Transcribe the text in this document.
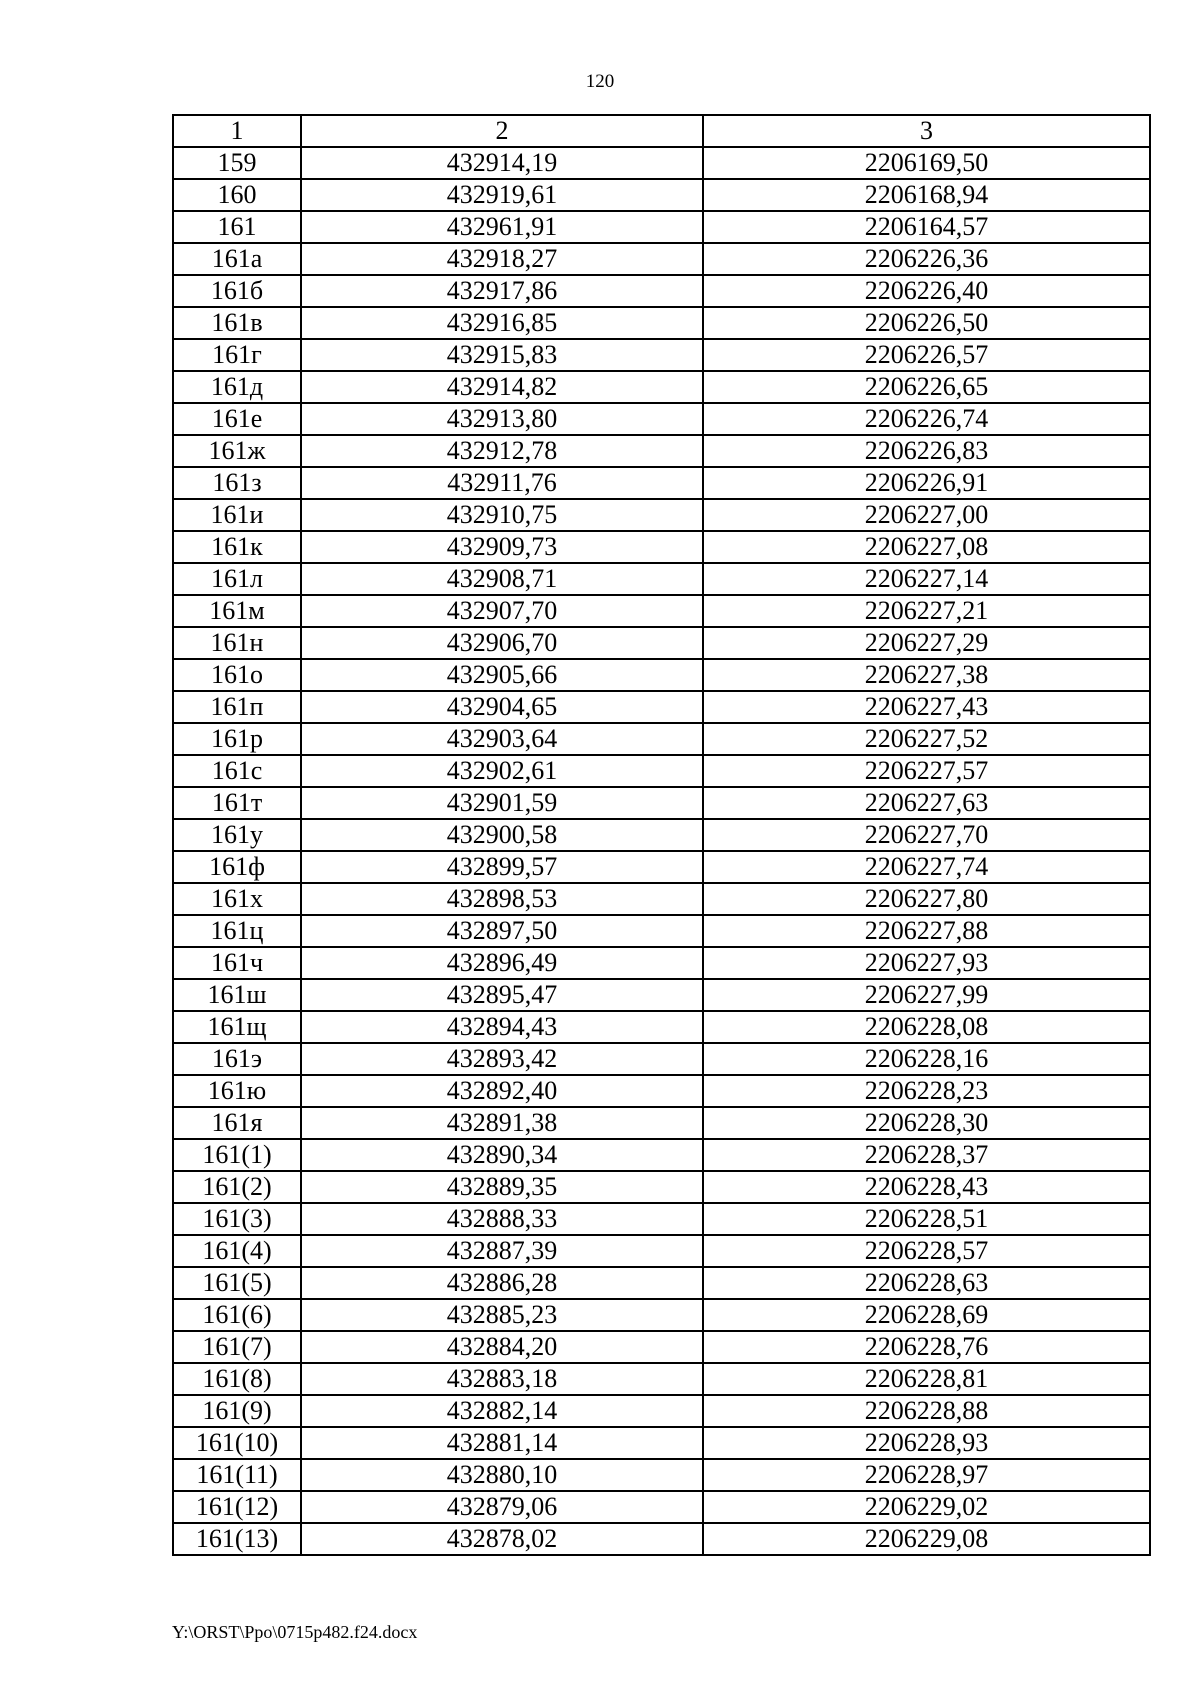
120
1	2	3
159	432914,19	2206169,50
160	432919,61	2206168,94
161	432961,91	2206164,57
161а	432918,27	2206226,36
161б	432917,86	2206226,40
161в	432916,85	2206226,50
161г	432915,83	2206226,57
161д	432914,82	2206226,65
161е	432913,80	2206226,74
161ж	432912,78	2206226,83
161з	432911,76	2206226,91
161и	432910,75	2206227,00
161к	432909,73	2206227,08
161л	432908,71	2206227,14
161м	432907,70	2206227,21
161н	432906,70	2206227,29
161о	432905,66	2206227,38
161п	432904,65	2206227,43
161р	432903,64	2206227,52
161с	432902,61	2206227,57
161т	432901,59	2206227,63
161у	432900,58	2206227,70
161ф	432899,57	2206227,74
161х	432898,53	2206227,80
161ц	432897,50	2206227,88
161ч	432896,49	2206227,93
161ш	432895,47	2206227,99
161щ	432894,43	2206228,08
161э	432893,42	2206228,16
161ю	432892,40	2206228,23
161я	432891,38	2206228,30
161(1)	432890,34	2206228,37
161(2)	432889,35	2206228,43
161(3)	432888,33	2206228,51
161(4)	432887,39	2206228,57
161(5)	432886,28	2206228,63
161(6)	432885,23	2206228,69
161(7)	432884,20	2206228,76
161(8)	432883,18	2206228,81
161(9)	432882,14	2206228,88
161(10)	432881,14	2206228,93
161(11)	432880,10	2206228,97
161(12)	432879,06	2206229,02
161(13)	432878,02	2206229,08
Y:\ORST\Ppo\0715p482.f24.docx
